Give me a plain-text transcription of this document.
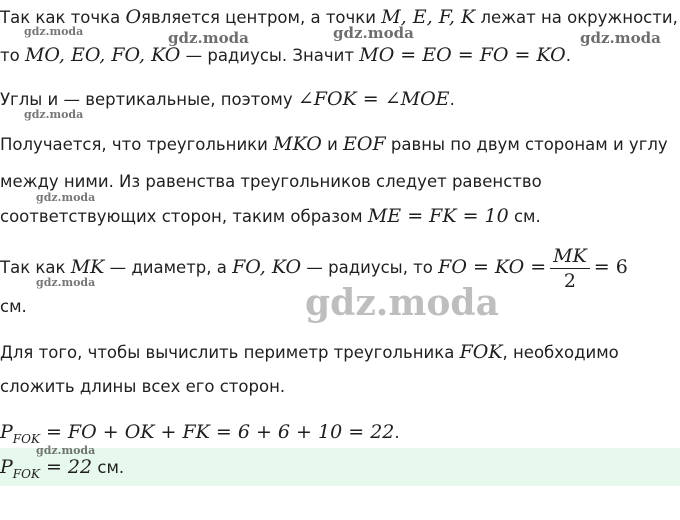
Так как точка Oявляется центром, а точки M, E, F, K лежат на окружности,
то MO, EO, FO, KO — радиусы. Значит MO = EO = FO = KO.
Углы и — вертикальные, поэтому ∠FOK = ∠MOE.
Получается, что треугольники MKO и EOF равны по двум сторонам и углу
между ними. Из равенства треугольников следует равенство
соответствующих сторон, таким образом ME = FK = 10 см.
Так как MK — диаметр, а FO, KO — радиусы, то FO = KO = $\frac{MK}{2} = 6$
см.
Для того, чтобы вычислить периметр треугольника FOK, необходимо
сложить длины всех его сторон.
$P_{FOK}$ = FO + OK + FK = 6 + 6 + 10 = 22.
$P_{FOK} = 22$ см.
gdz.moda	gdz.moda	gdz.moda	gdz.moda
gdz.moda
gdz.moda
gdz.moda
gdz.moda
gdz.moda
